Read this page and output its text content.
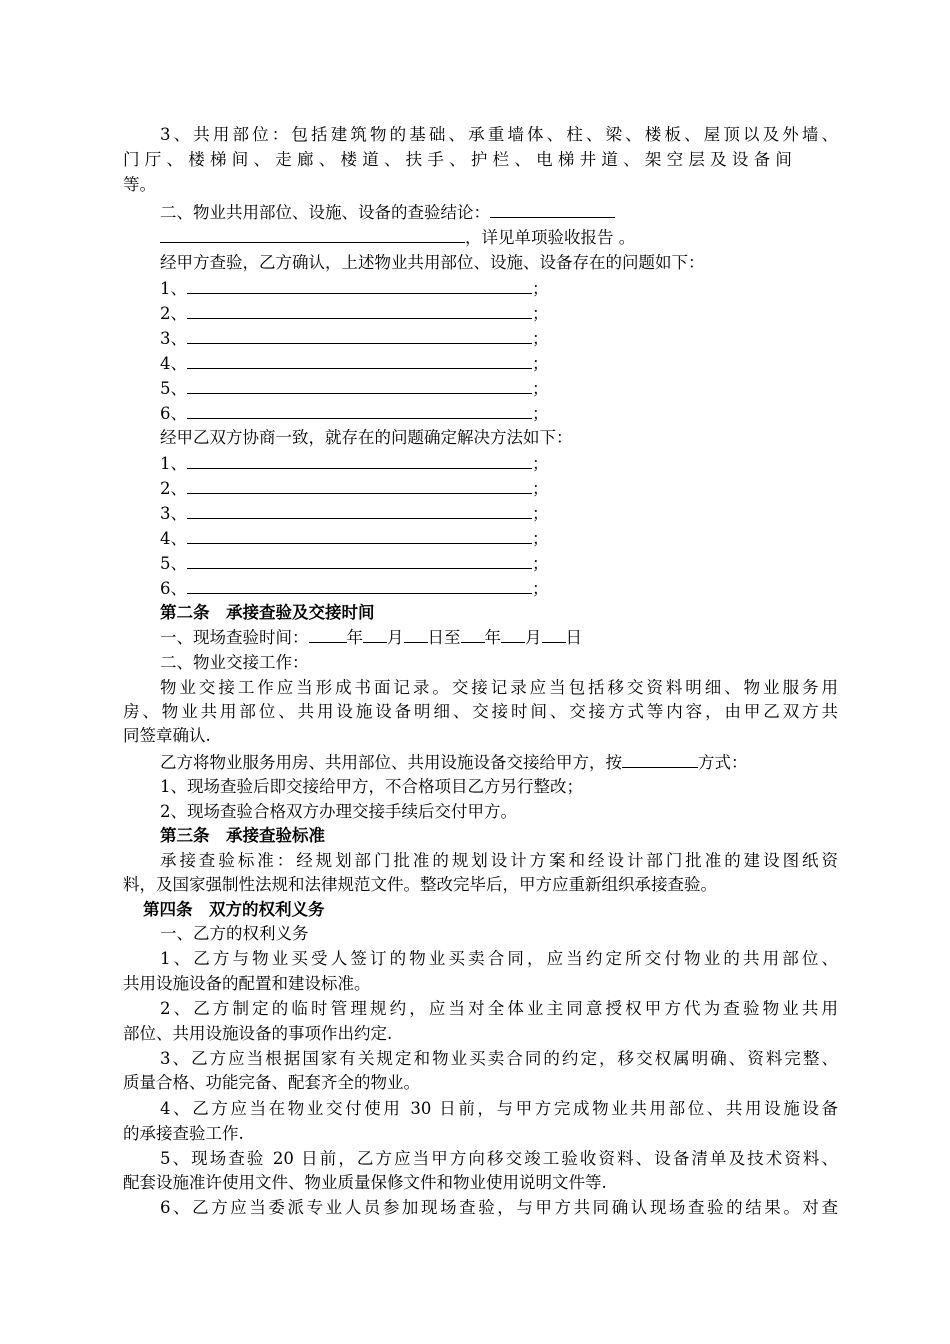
3、共用部位：包括建筑物的基础、承重墙体、柱、梁、楼板、屋顶以及外墙、
门 厅 、 楼 梯 间 、 走 廊 、 楼 道 、 扶 手 、 护 栏 、 电 梯 井 道 、 架 空 层 及 设 备 间
等。
二、物业共用部位、设施、设备的查验结论：
，详见单项验收报告 。
经甲方查验，乙方确认，上述物业共用部位、设施、设备存在的问题如下：
1、	；
2、	；
3、	；
4、	；
5、	；
6、	；
经甲乙双方协商一致，就存在的问题确定解决方法如下：
1、	；
2、	；
3、	；
4、	；
5、	；
6、	；
第二条　承接查验及交接时间
一、现场查验时间： 年 月 日至 年 月 日
二、物业交接工作：
物业交接工作应当形成书面记录。交接记录应当包括移交资料明细、物业服务用
房、物业共用部位、共用设施设备明细、交接时间、交接方式等内容，由甲乙双方共
同签章确认.
乙方将物业服务用房、共用部位、共用设施设备交接给甲方，按	方式：
1、现场查验后即交接给甲方，不合格项目乙方另行整改；
2、现场查验合格双方办理交接手续后交付甲方。
第三条　承接查验标准
承接查验标准：经规划部门批准的规划设计方案和经设计部门批准的建设图纸资
料，及国家强制性法规和法律规范文件。整改完毕后，甲方应重新组织承接查验。
第四条　双方的权利义务
一、乙方的权利义务
1、乙方与物业买受人签订的物业买卖合同，应当约定所交付物业的共用部位、
共用设施设备的配置和建设标准。
2、乙方制定的临时管理规约，应当对全体业主同意授权甲方代为查验物业共用
部位、共用设施设备的事项作出约定.
3、乙方应当根据国家有关规定和物业买卖合同的约定，移交权属明确、资料完整、
质量合格、功能完备、配套齐全的物业。
4、乙方应当在物业交付使用 30 日前，与甲方完成物业共用部位、共用设施设备
的承接查验工作.
5、现场查验 20 日前，乙方应当甲方向移交竣工验收资料、设备清单及技术资料、
配套设施准许使用文件、物业质量保修文件和物业使用说明文件等.
6、乙方应当委派专业人员参加现场查验，与甲方共同确认现场查验的结果。对查
